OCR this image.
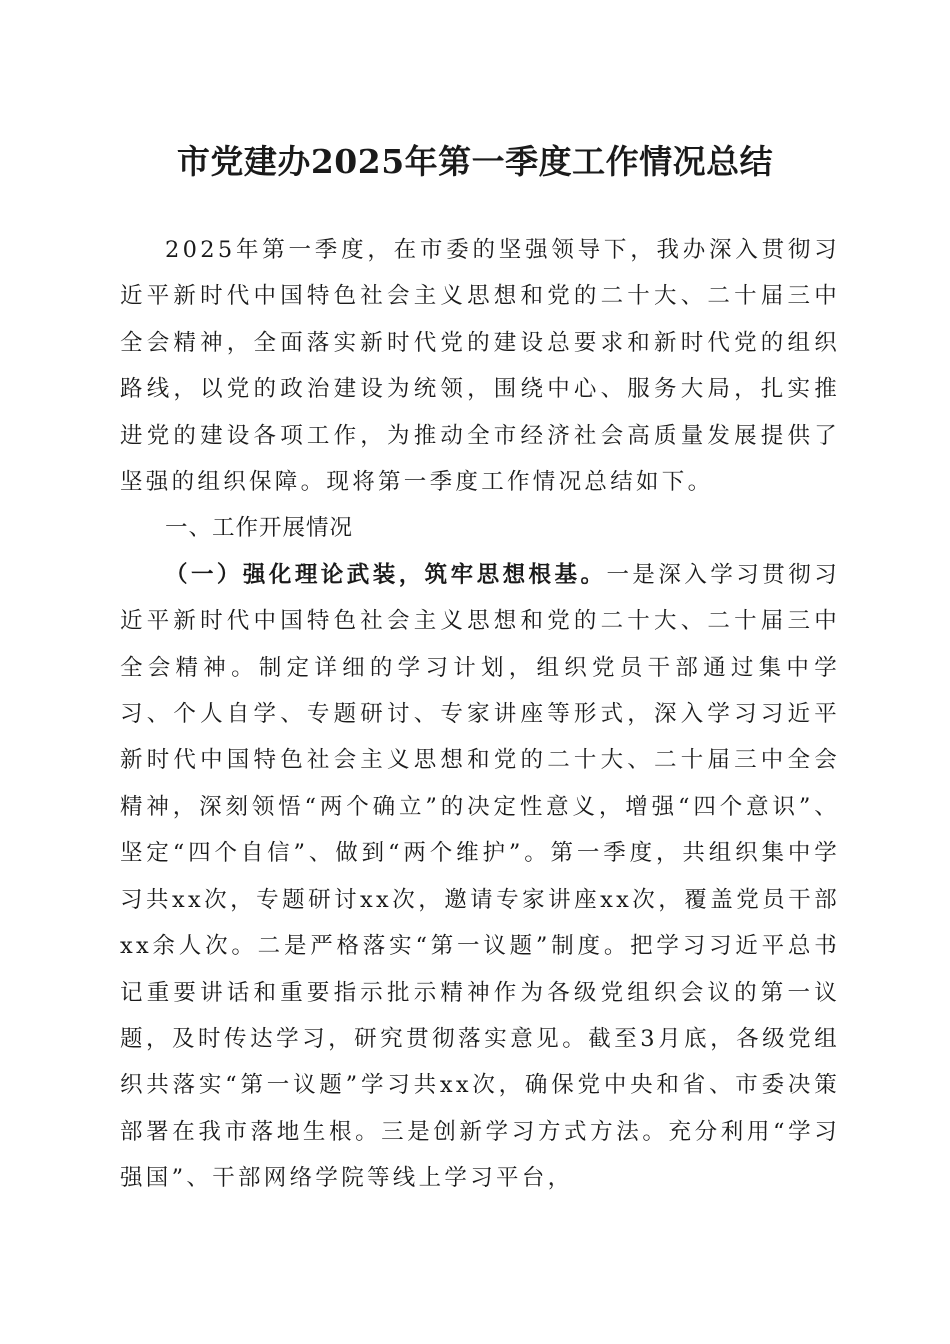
市党建办2025年第一季度工作情况总结

2025年第一季度，在市委的坚强领导下，我办深入贯彻习近平新时代中国特色社会主义思想和党的二十大、二十届三中全会精神，全面落实新时代党的建设总要求和新时代党的组织路线，以党的政治建设为统领，围绕中心、服务大局，扎实推进党的建设各项工作，为推动全市经济社会高质量发展提供了坚强的组织保障。现将第一季度工作情况总结如下。

一、工作开展情况

（一）强化理论武装，筑牢思想根基。一是深入学习贯彻习近平新时代中国特色社会主义思想和党的二十大、二十届三中全会精神。制定详细的学习计划，组织党员干部通过集中学习、个人自学、专题研讨、专家讲座等形式，深入学习习近平新时代中国特色社会主义思想和党的二十大、二十届三中全会精神，深刻领悟“两个确立”的决定性意义，增强“四个意识”、坚定“四个自信”、做到“两个维护”。第一季度，共组织集中学习共xx次，专题研讨xx次，邀请专家讲座xx次，覆盖党员干部xx余人次。二是严格落实“第一议题”制度。把学习习近平总书记重要讲话和重要指示批示精神作为各级党组织会议的第一议题，及时传达学习，研究贯彻落实意见。截至3月底，各级党组织共落实“第一议题”学习共xx次，确保党中央和省、市委决策部署在我市落地生根。三是创新学习方式方法。充分利用“学习强国”、干部网络学院等线上学习平台，
